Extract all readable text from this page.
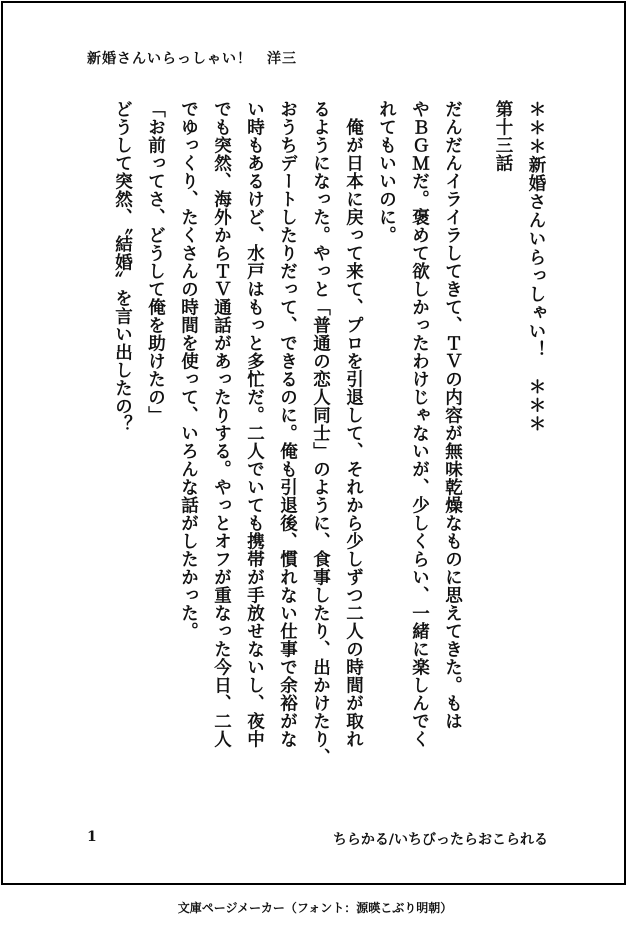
新婚さんいらっしゃい！　洋三
＊＊＊新婚さんいらっしゃい！　＊＊＊
第十三話
だんだんイライラしてきて、ＴＶの内容が無味乾燥なものに思えてきた。もは
やＢＧＭだ。褒めて欲しかったわけじゃないが、少しくらい、一緒に楽しんでく
れてもいいのに。
　俺が日本に戻って来て、プロを引退して、それから少しずつ二人の時間が取れ
るようになった。やっと「普通の恋人同士」のように、食事したり、出かけたり、
おうちデートしたりだって、できるのに。俺も引退後、慣れない仕事で余裕がな
い時もあるけど、水戸はもっと多忙だ。二人でいても携帯が手放せないし、夜中
でも突然、海外からＴＶ通話があったりする。やっとオフが重なった今日、二人
でゆっくり、たくさんの時間を使って、いろんな話がしたかった。
「お前ってさ、どうして俺を助けたの」
どうして突然、〝結婚〟を言い出したの？
1	ちらかる/いちびったらおこられる
文庫ページメーカー（フォント：源暎こぶり明朝）
